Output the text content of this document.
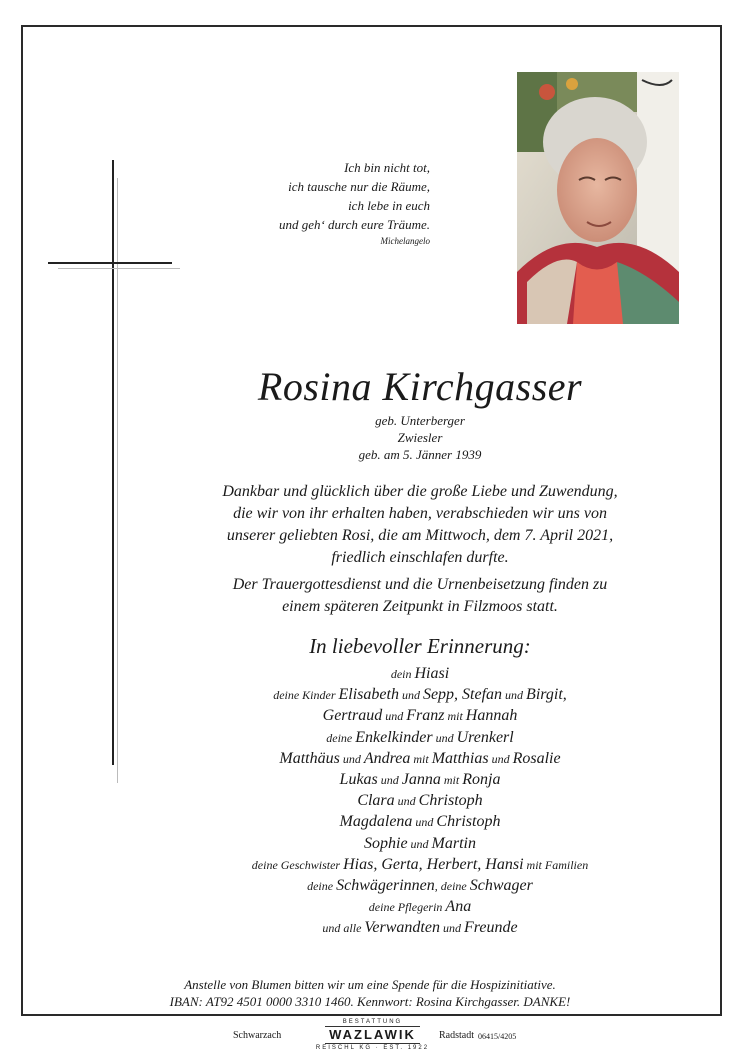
Ich bin nicht tot,
ich tausche nur die Räume,
ich lebe in euch
und geh‘ durch eure Träume.
Michelangelo
Rosina Kirchgasser
geb. Unterberger
Zwiesler
geb. am 5. Jänner 1939
Dankbar und glücklich über die große Liebe und Zuwendung,
die wir von ihr erhalten haben, verabschieden wir uns von
unserer geliebten Rosi, die am Mittwoch, dem 7. April 2021,
friedlich einschlafen durfte.
Der Trauergottesdienst und die Urnenbeisetzung finden zu
einem späteren Zeitpunkt in Filzmoos statt.
In liebevoller Erinnerung:
dein Hiasi
deine Kinder Elisabeth und Sepp, Stefan und Birgit,
Gertraud und Franz mit Hannah
deine Enkelkinder und Urenkerl
Matthäus und Andrea mit Matthias und Rosalie
Lukas und Janna mit Ronja
Clara und Christoph
Magdalena und Christoph
Sophie und Martin
deine Geschwister Hias, Gerta, Herbert, Hansi mit Familien
deine Schwägerinnen, deine Schwager
deine Pflegerin Ana
und alle Verwandten und Freunde
Anstelle von Blumen bitten wir um eine Spende für die Hospizinitiative.
IBAN: AT92 4501 0000 3310 1460. Kennwort: Rosina Kirchgasser. DANKE!
Schwarzach
BESTATTUNG
WAZLAWIK
REISCHL KG · EST. 1922
Radstadt 06415/4205
